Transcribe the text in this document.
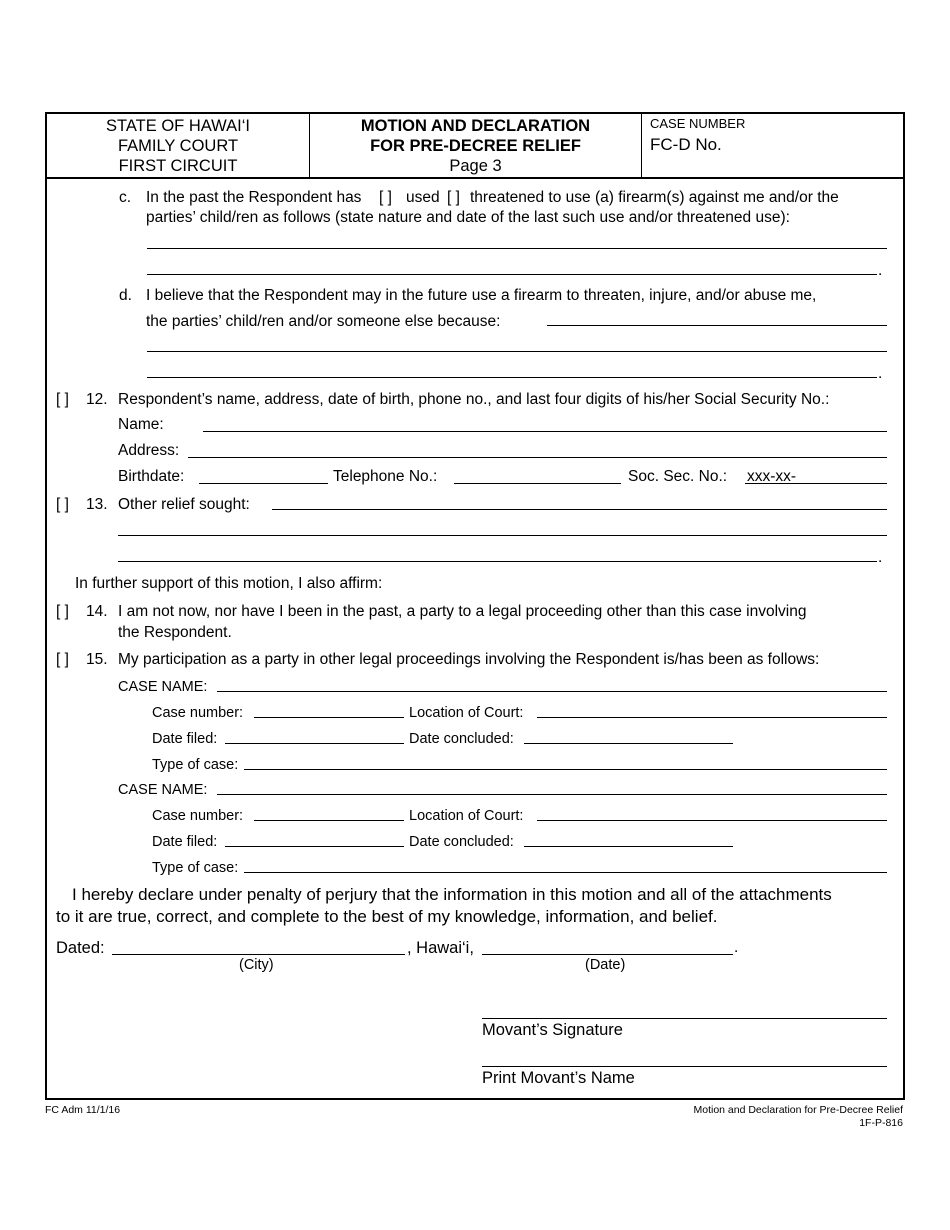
STATE OF HAWAI‘I
FAMILY COURT
FIRST CIRCUIT
MOTION AND DECLARATION
FOR PRE-DECREE RELIEF
Page 3
CASE NUMBER
FC-D No.
c. In the past the Respondent has [ ] used [ ] threatened to use (a) firearm(s) against me and/or the
parties’ child/ren as follows (state nature and date of the last such use and/or threatened use):
.
d. I believe that the Respondent may in the future use a firearm to threaten, injure, and/or abuse me,
the parties’ child/ren and/or someone else because:
.
[ ] 12. Respondent’s name, address, date of birth, phone no., and last four digits of his/her Social Security No.:
Name:
Address:
Birthdate:	Telephone No.:	Soc. Sec. No.: xxx-xx-
[ ] 13. Other relief sought:
.
In further support of this motion, I also affirm:
[ ] 14. I am not now, nor have I been in the past, a party to a legal proceeding other than this case involving
the Respondent.
[ ] 15. My participation as a party in other legal proceedings involving the Respondent is/has been as follows:
CASE NAME:
Case number:	Location of Court:
Date filed:	Date concluded:
Type of case:
CASE NAME:
Case number:	Location of Court:
Date filed:	Date concluded:
Type of case:
I hereby declare under penalty of perjury that the information in this motion and all of the attachments
to it are true, correct, and complete to the best of my knowledge, information, and belief.
Dated:	, Hawai‘i,	.
(City)	(Date)
Movant’s Signature
Print Movant’s Name
FC Adm 11/1/16	Motion and Declaration for Pre-Decree Relief
1F-P-816
